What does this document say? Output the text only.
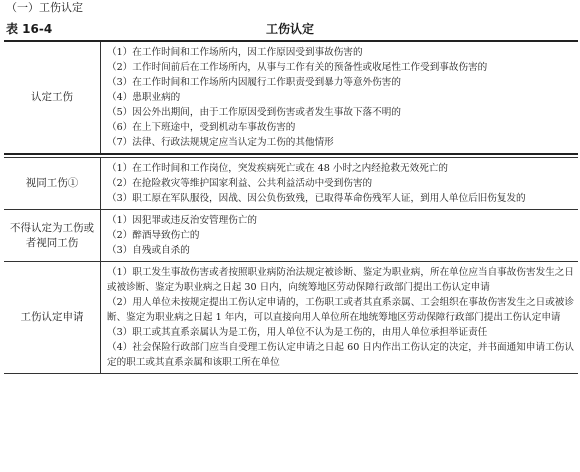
（一）工伤认定
表 16-4	工伤认定
认定工伤
（1）在工作时间和工作场所内，因工作原因受到事故伤害的
（2）工作时间前后在工作场所内，从事与工作有关的预备性或收尾性工作受到事故伤害的
（3）在工作时间和工作场所内因履行工作职责受到暴力等意外伤害的
（4）患职业病的
（5）因公外出期间，由于工作原因受到伤害或者发生事故下落不明的
（6）在上下班途中，受到机动车事故伤害的
（7）法律、行政法规规定应当认定为工伤的其他情形
视同工伤①
（1）在工作时间和工作岗位，突发疾病死亡或在 48 小时之内经抢救无效死亡的
（2）在抢险救灾等维护国家利益、公共利益活动中受到伤害的
（3）职工原在军队服役，因战、因公负伤致残，已取得革命伤残军人证，到用人单位后旧伤复发的
不得认定为工伤或者视同工伤
（1）因犯罪或违反治安管理伤亡的
（2）醉酒导致伤亡的
（3）自残或自杀的
工伤认定申请
（1）职工发生事故伤害或者按照职业病防治法规定被诊断、鉴定为职业病，所在单位应当自事故伤害发生之日或被诊断、鉴定为职业病之日起 30 日内，向统筹地区劳动保障行政部门提出工伤认定申请
（2）用人单位未按规定提出工伤认定申请的，工伤职工或者其直系亲属、工会组织在事故伤害发生之日或被诊断、鉴定为职业病之日起 1 年内，可以直接向用人单位所在地统筹地区劳动保障行政部门提出工伤认定申请
（3）职工或其直系亲属认为是工伤，用人单位不认为是工伤的，由用人单位承担举证责任
（4）社会保险行政部门应当自受理工伤认定申请之日起 60 日内作出工伤认定的决定，并书面通知申请工伤认定的职工或其直系亲属和该职工所在单位
